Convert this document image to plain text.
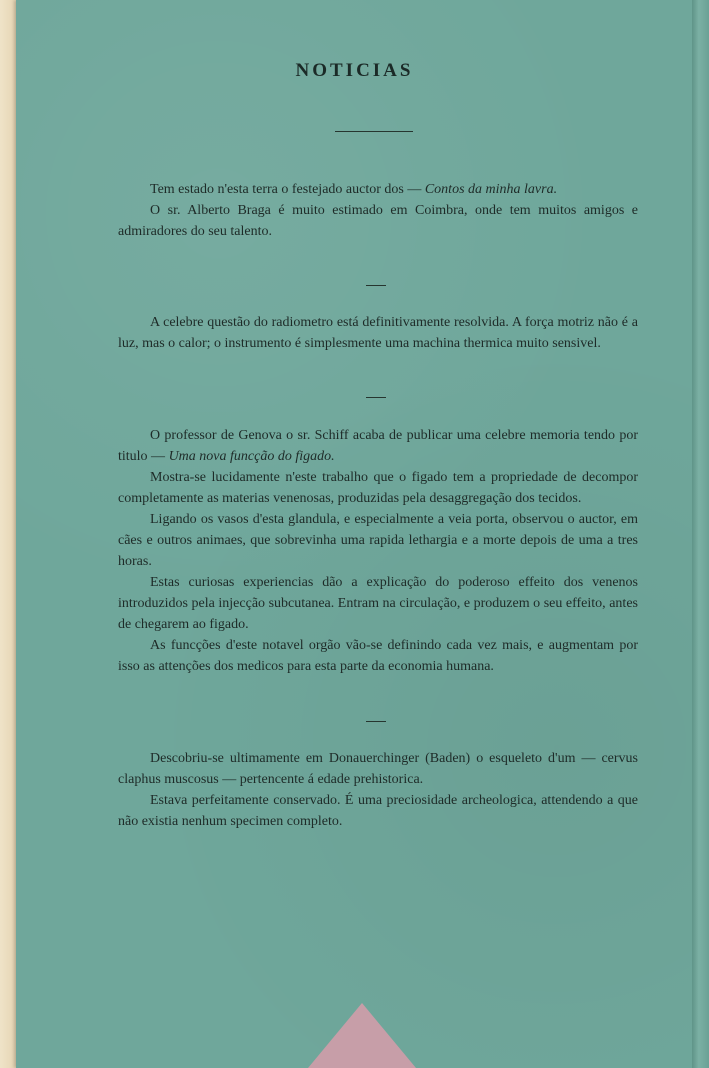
NOTICIAS

Tem estado n'esta terra o festejado auctor dos — Contos da minha lavra.

O sr. Alberto Braga é muito estimado em Coimbra, onde tem muitos amigos e admiradores do seu talento.

A celebre questão do radiometro está definitivamente resolvida. A força motriz não é a luz, mas o calor; o instrumento é simplesmente uma machina thermica muito sensivel.

O professor de Genova o sr. Schiff acaba de publicar uma celebre memoria tendo por titulo — Uma nova funcção do figado.

Mostra-se lucidamente n'este trabalho que o figado tem a propriedade de decompor completamente as materias venenosas, produzidas pela desaggregação dos tecidos.

Ligando os vasos d'esta glandula, e especialmente a veia porta, observou o auctor, em cães e outros animaes, que sobrevinha uma rapida lethargia e a morte depois de uma a tres horas.

Estas curiosas experiencias dão a explicação do poderoso effeito dos venenos introduzidos pela injecção subcutanea. Entram na circulação, e produzem o seu effeito, antes de chegarem ao figado.

As funcções d'este notavel orgão vão-se definindo cada vez mais, e augmentam por isso as attenções dos medicos para esta parte da economia humana.

Descobriu-se ultimamente em Donauerchinger (Baden) o esqueleto d'um — cervus claphus muscosus — pertencente á edade prehistorica.

Estava perfeitamente conservado. É uma preciosidade archeologica, attendendo a que não existia nenhum specimen completo.
